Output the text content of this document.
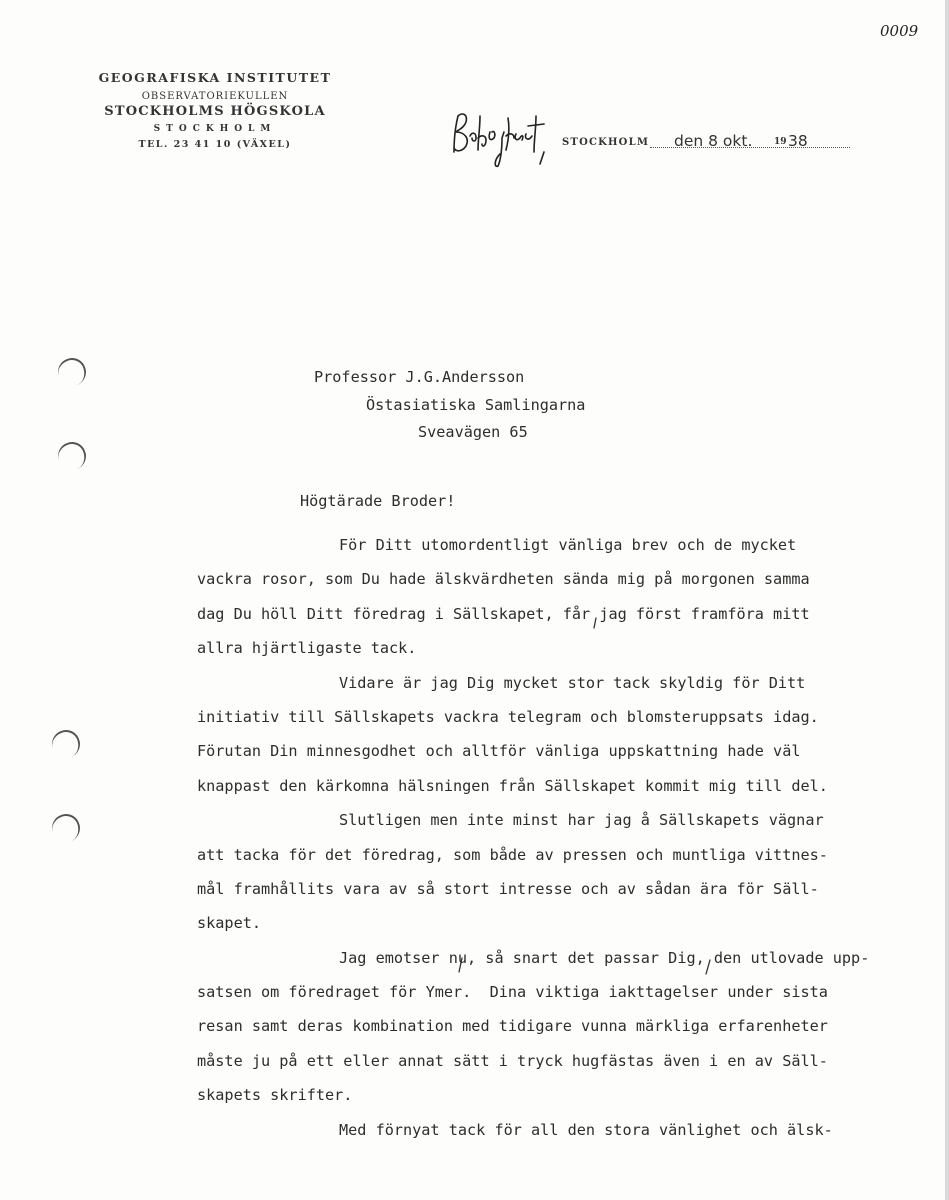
0009
GEOGRAFISKA INSTITUTET
OBSERVATORIEKULLEN
STOCKHOLMS HÖGSKOLA
STOCKHOLM
TEL. 23 41 10 (VÄXEL)	STOCKHOLM den 8 okt. 19 38
Professor J.G.Andersson
Östasiatiska Samlingarna
Sveavägen 65
Högtärade Broder!
För Ditt utomordentligt vänliga brev och de mycket
vackra rosor, som Du hade älskvärdheten sända mig på morgonen samma
dag Du höll Ditt föredrag i Sällskapet, får jag först framföra mitt
allra hjärtligaste tack.
Vidare är jag Dig mycket stor tack skyldig för Ditt
initiativ till Sällskapets vackra telegram och blomsteruppsats idag.
Förutan Din minnesgodhet och alltför vänliga uppskattning hade väl
knappast den kärkomna hälsningen från Sällskapet kommit mig till del.
Slutligen men inte minst har jag å Sällskapets vägnar
att tacka för det föredrag, som både av pressen och muntliga vittnes-
mål framhållits vara av så stort intresse och av sådan ära för Säll-
skapet.
Jag emotser nu, så snart det passar Dig, den utlovade upp-
satsen om föredraget för Ymer.  Dina viktiga iakttagelser under sista
resan samt deras kombination med tidigare vunna märkliga erfarenheter
måste ju på ett eller annat sätt i tryck hugfästas även i en av Säll-
skapets skrifter.
Med förnyat tack för all den stora vänlighet och älsk-
